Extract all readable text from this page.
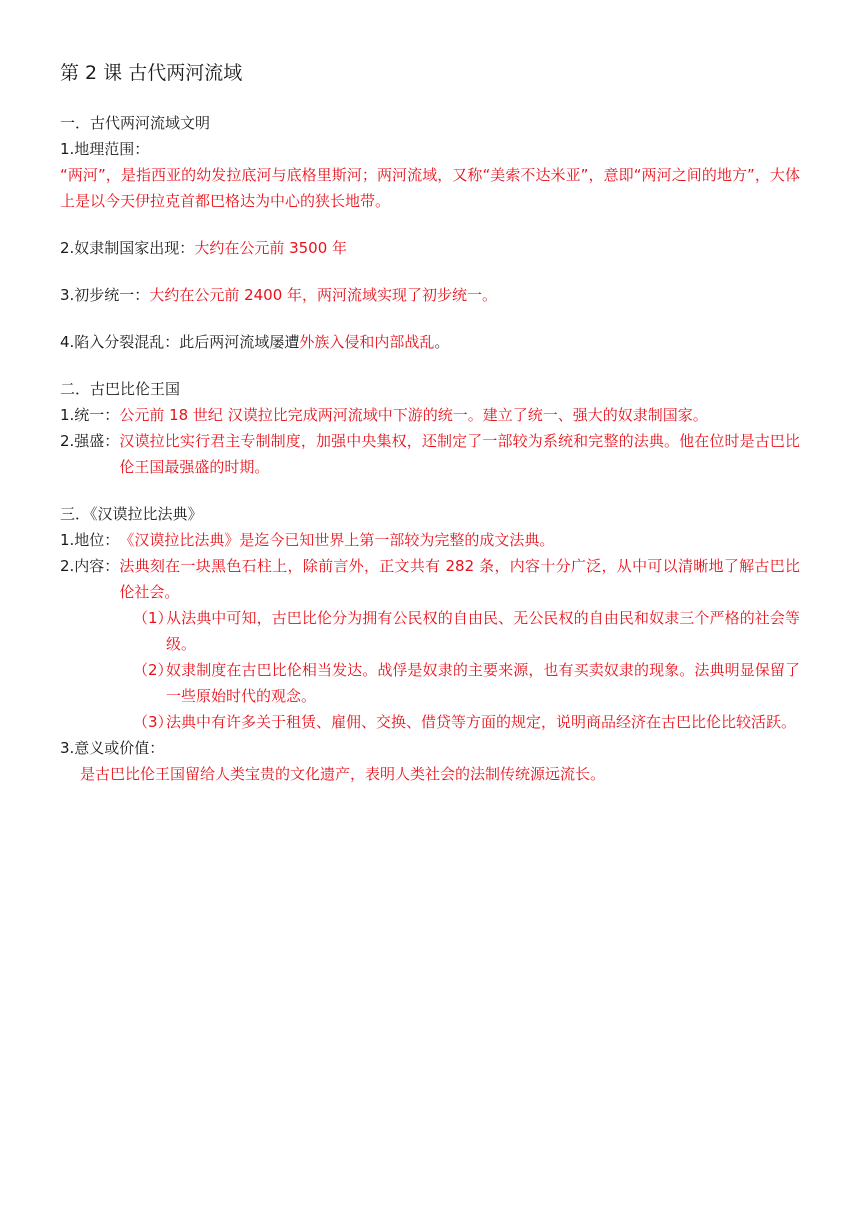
第 2 课 古代两河流域

一．古代两河流域文明

1.地理范围：

“两河”，是指西亚的幼发拉底河与底格里斯河；两河流域，又称“美索不达米亚”，意即“两河之间的地方”，大体上是以今天伊拉克首都巴格达为中心的狭长地带。

2.奴隶制国家出现：大约在公元前 3500 年

3.初步统一：大约在公元前 2400 年，两河流域实现了初步统一。

4.陷入分裂混乱：此后两河流域屡遭外族入侵和内部战乱。

二．古巴比伦王国

1.统一： 公元前 18 世纪 汉谟拉比完成两河流域中下游的统一。建立了统一、强大的奴隶制国家。
2.强盛： 汉谟拉比实行君主专制制度，加强中央集权，还制定了一部较为系统和完整的法典。他在位时是古巴比伦王国最强盛的时期。

三．《汉谟拉比法典》

1.地位： 《汉谟拉比法典》是迄今已知世界上第一部较为完整的成文法典。
2.内容： 法典刻在一块黑色石柱上，除前言外，正文共有 282 条，内容十分广泛，从中可以清晰地了解古巴比伦社会。
（1）
从法典中可知，古巴比伦分为拥有公民权的自由民、无公民权的自由民和奴隶三个严格的社会等级。
（2）
奴隶制度在古巴比伦相当发达。战俘是奴隶的主要来源，也有买卖奴隶的现象。法典明显保留了一些原始时代的观念。
（3）
法典中有许多关于租赁、雇佣、交换、借贷等方面的规定，说明商品经济在古巴比伦比较活跃。

3.意义或价值：

是古巴比伦王国留给人类宝贵的文化遗产，表明人类社会的法制传统源远流长。
